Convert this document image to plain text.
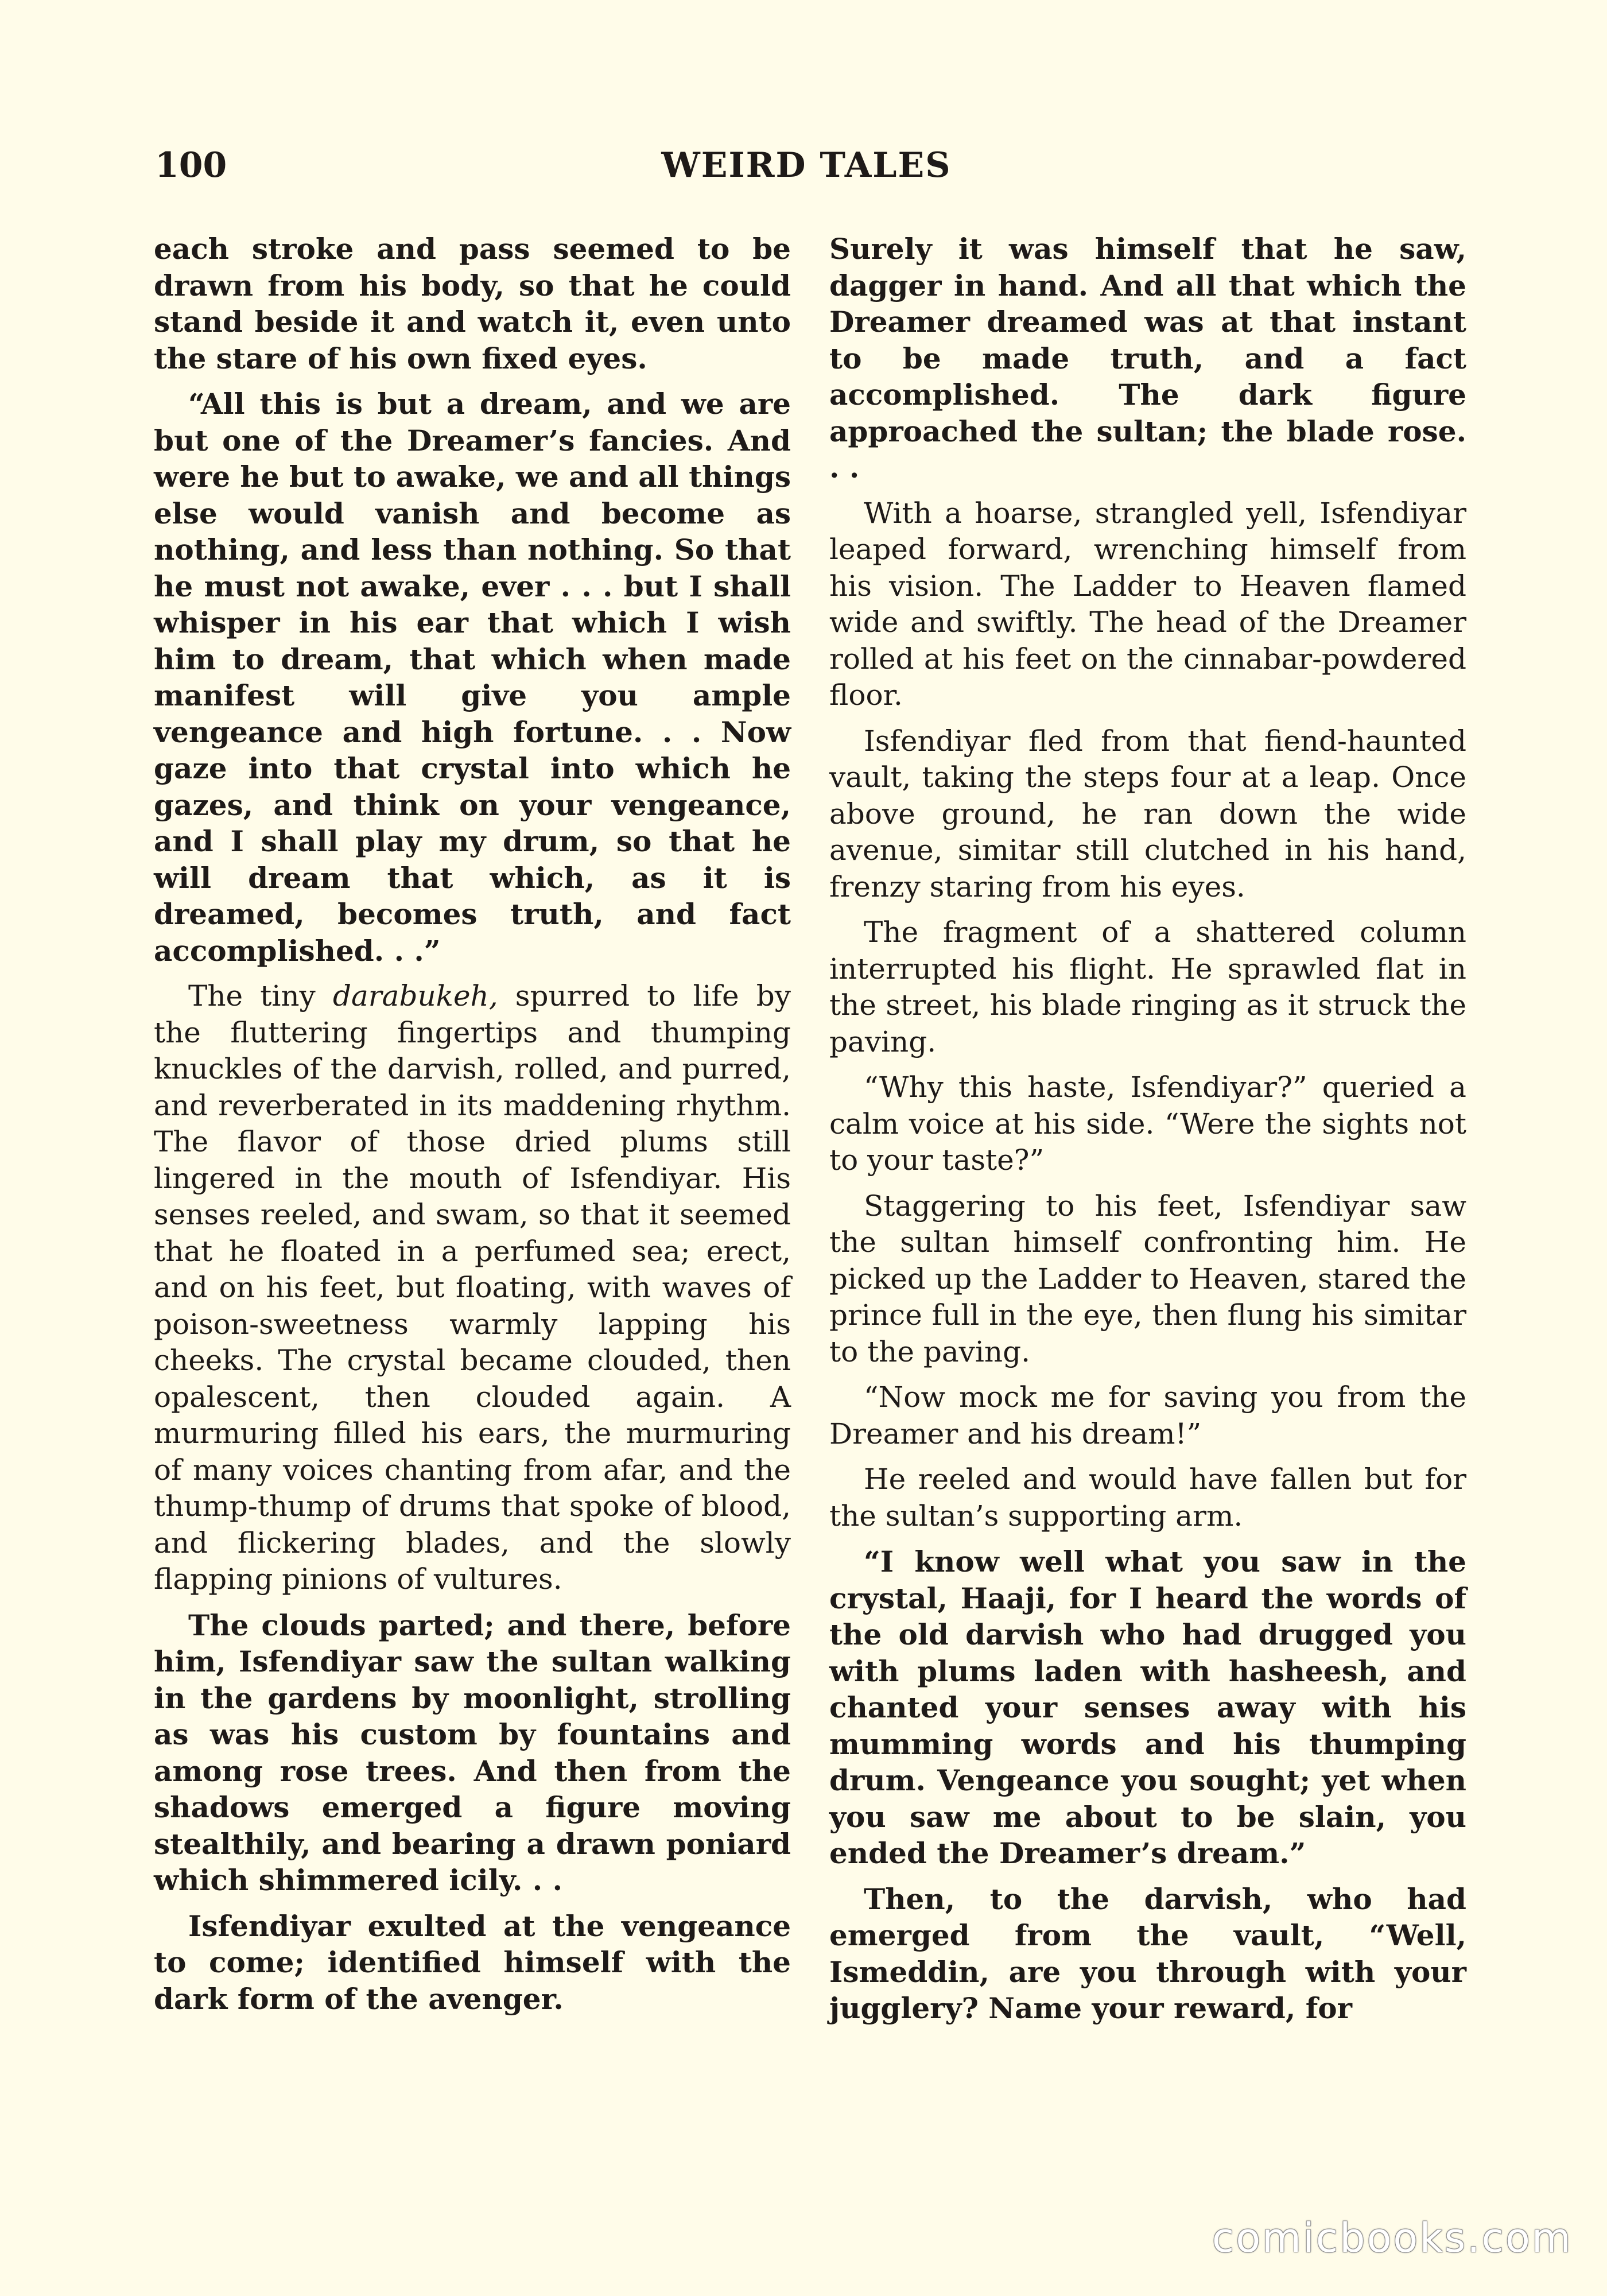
100	WEIRD TALES

each stroke and pass seemed to be drawn from his body, so that he could stand beside it and watch it, even unto the stare of his own fixed eyes.

“All this is but a dream, and we are but one of the Dreamer’s fancies. And were he but to awake, we and all things else would vanish and become as nothing, and less than nothing. So that he must not awake, ever . . . but I shall whisper in his ear that which I wish him to dream, that which when made manifest will give you ample vengeance and high fortune. . . Now gaze into that crystal into which he gazes, and think on your vengeance, and I shall play my drum, so that he will dream that which, as it is dreamed, becomes truth, and fact accomplished. . .”

The tiny darabukeh, spurred to life by the fluttering fingertips and thumping knuckles of the darvish, rolled, and purred, and reverberated in its maddening rhythm. The flavor of those dried plums still lingered in the mouth of Isfendiyar. His senses reeled, and swam, so that it seemed that he floated in a perfumed sea; erect, and on his feet, but floating, with waves of poison-sweetness warmly lapping his cheeks. The crystal became clouded, then opalescent, then clouded again. A murmuring filled his ears, the murmuring of many voices chanting from afar, and the thump-thump of drums that spoke of blood, and flickering blades, and the slowly flapping pinions of vultures.

The clouds parted; and there, before him, Isfendiyar saw the sultan walking in the gardens by moonlight, strolling as was his custom by fountains and among rose trees. And then from the shadows emerged a figure moving stealthily, and bearing a drawn poniard which shimmered icily. . .

Isfendiyar exulted at the vengeance to come; identified himself with the dark form of the avenger.

Surely it was himself that he saw, dagger in hand. And all that which the Dreamer dreamed was at that instant to be made truth, and a fact accomplished. The dark figure approached the sultan; the blade rose. . .

With a hoarse, strangled yell, Isfendiyar leaped forward, wrenching himself from his vision. The Ladder to Heaven flamed wide and swiftly. The head of the Dreamer rolled at his feet on the cinnabar-powdered floor.

Isfendiyar fled from that fiend-haunted vault, taking the steps four at a leap. Once above ground, he ran down the wide avenue, simitar still clutched in his hand, frenzy staring from his eyes.

The fragment of a shattered column interrupted his flight. He sprawled flat in the street, his blade ringing as it struck the paving.

“Why this haste, Isfendiyar?” queried a calm voice at his side. “Were the sights not to your taste?”

Staggering to his feet, Isfendiyar saw the sultan himself confronting him. He picked up the Ladder to Heaven, stared the prince full in the eye, then flung his simitar to the paving.

“Now mock me for saving you from the Dreamer and his dream!”

He reeled and would have fallen but for the sultan’s supporting arm.

“I know well what you saw in the crystal, Haaji, for I heard the words of the old darvish who had drugged you with plums laden with hasheesh, and chanted your senses away with his mumming words and his thumping drum. Vengeance you sought; yet when you saw me about to be slain, you ended the Dreamer’s dream.”

Then, to the darvish, who had emerged from the vault, “Well, Ismeddin, are you through with your jugglery? Name your reward, for

comicbooks.com
